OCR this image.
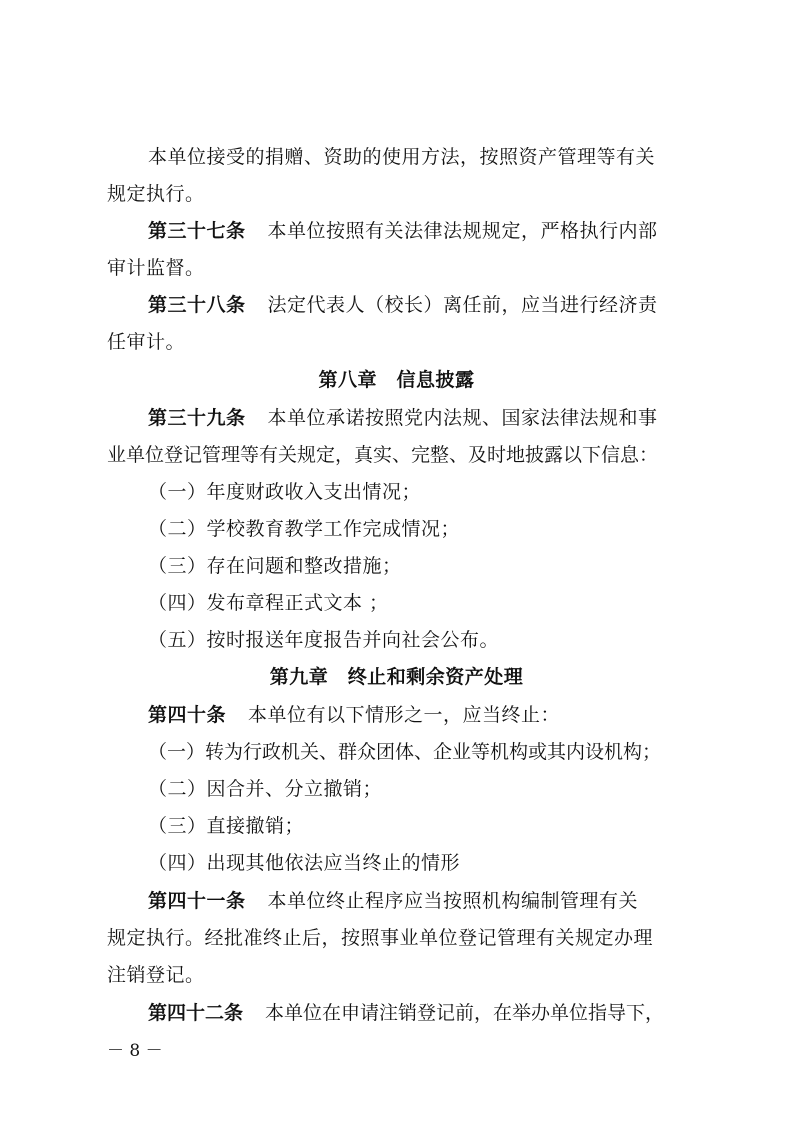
本单位接受的捐赠、资助的使用方法，按照资产管理等有关
规定执行。
第三十七条 本单位按照有关法律法规规定，严格执行内部
审计监督。
第三十八条 法定代表人（校长）离任前，应当进行经济责
任审计。
第八章　信息披露
第三十九条 本单位承诺按照党内法规、国家法律法规和事
业单位登记管理等有关规定，真实、完整、及时地披露以下信息：
（一）年度财政收入支出情况；
（二）学校教育教学工作完成情况；
（三）存在问题和整改措施；
（四）发布章程正式文本 ；
（五）按时报送年度报告并向社会公布。
第九章　终止和剩余资产处理
第四十条 本单位有以下情形之一，应当终止：
（一）转为行政机关、群众团体、企业等机构或其内设机构；
（二）因合并、分立撤销；
（三）直接撤销；
（四）出现其他依法应当终止的情形
第四十一条 本单位终止程序应当按照机构编制管理有关
规定执行。经批准终止后，按照事业单位登记管理有关规定办理
注销登记。
第四十二条 本单位在申请注销登记前，在举办单位指导下，
－ 8 －
